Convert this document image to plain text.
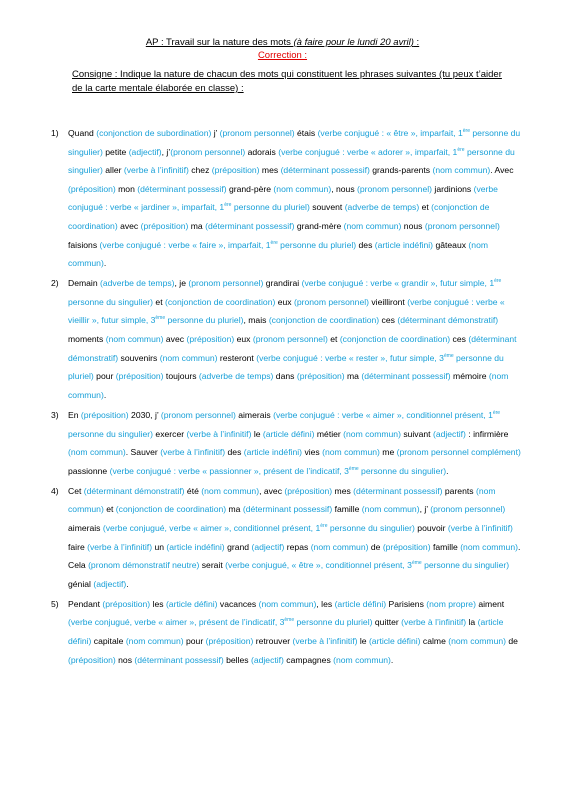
AP : Travail sur la nature des mots (à faire pour le lundi 20 avril) :
Correction :
Consigne : Indique la nature de chacun des mots qui constituent les phrases suivantes (tu peux t’aider de la carte mentale élaborée en classe) :
1)	Quand (conjonction de subordination) j’ (pronom personnel) étais (verbe conjugué : « être », imparfait, 1ère personne du singulier) petite (adjectif), j’(pronom personnel) adorais (verbe conjugué : verbe « adorer », imparfait, 1ère personne du singulier) aller (verbe à l’infinitif) chez (préposition) mes (déterminant possessif) grands-parents (nom commun). Avec (préposition) mon (déterminant possessif) grand-père (nom commun), nous (pronom personnel) jardinions (verbe conjugué : verbe « jardiner », imparfait, 1ère personne du pluriel) souvent (adverbe de temps) et (conjonction de coordination) avec (préposition) ma (déterminant possessif) grand-mère (nom commun) nous (pronom personnel) faisions (verbe conjugué : verbe « faire », imparfait, 1ère personne du pluriel) des (article indéfini) gâteaux (nom commun).
2)	Demain (adverbe de temps), je (pronom personnel) grandirai (verbe conjugué : verbe « grandir », futur simple, 1ère personne du singulier) et (conjonction de coordination) eux (pronom personnel) vieilliront (verbe conjugué : verbe « vieillir », futur simple, 3ème personne du pluriel), mais (conjonction de coordination) ces (déterminant démonstratif) moments (nom commun) avec (préposition) eux (pronom personnel) et (conjonction de coordination) ces (déterminant démonstratif) souvenirs (nom commun) resteront (verbe conjugué : verbe « rester », futur simple, 3ème personne du pluriel) pour (préposition) toujours (adverbe de temps) dans (préposition) ma (déterminant possessif) mémoire (nom commun).
3)	En (préposition) 2030, j’ (pronom personnel) aimerais (verbe conjugué : verbe « aimer », conditionnel présent, 1ère personne du singulier) exercer (verbe à l’infinitif) le (article défini) métier (nom commun) suivant (adjectif) : infirmière (nom commun). Sauver (verbe à l’infinitif) des (article indéfini) vies (nom commun) me (pronom personnel complément) passionne (verbe conjugué : verbe « passionner », présent de l’indicatif, 3ème personne du singulier).
4)	Cet (déterminant démonstratif) été (nom commun), avec (préposition) mes (déterminant possessif) parents (nom commun) et (conjonction de coordination) ma (déterminant possessif) famille (nom commun), j’ (pronom personnel) aimerais (verbe conjugué, verbe « aimer », conditionnel présent, 1ère personne du singulier) pouvoir (verbe à l’infinitif) faire (verbe à l’infinitif) un (article indéfini) grand (adjectif) repas (nom commun) de (préposition) famille (nom commun). Cela (pronom démonstratif neutre) serait (verbe conjugué, « être », conditionnel présent, 3ème personne du singulier) génial (adjectif).
5)	Pendant (préposition) les (article défini) vacances (nom commun), les (article défini) Parisiens (nom propre) aiment (verbe conjugué, verbe « aimer », présent de l’indicatif, 3ème personne du pluriel) quitter (verbe à l’infinitif) la (article défini) capitale (nom commun) pour (préposition) retrouver (verbe à l’infinitif) le (article défini) calme (nom commun) de (préposition) nos (déterminant possessif) belles (adjectif) campagnes (nom commun).
